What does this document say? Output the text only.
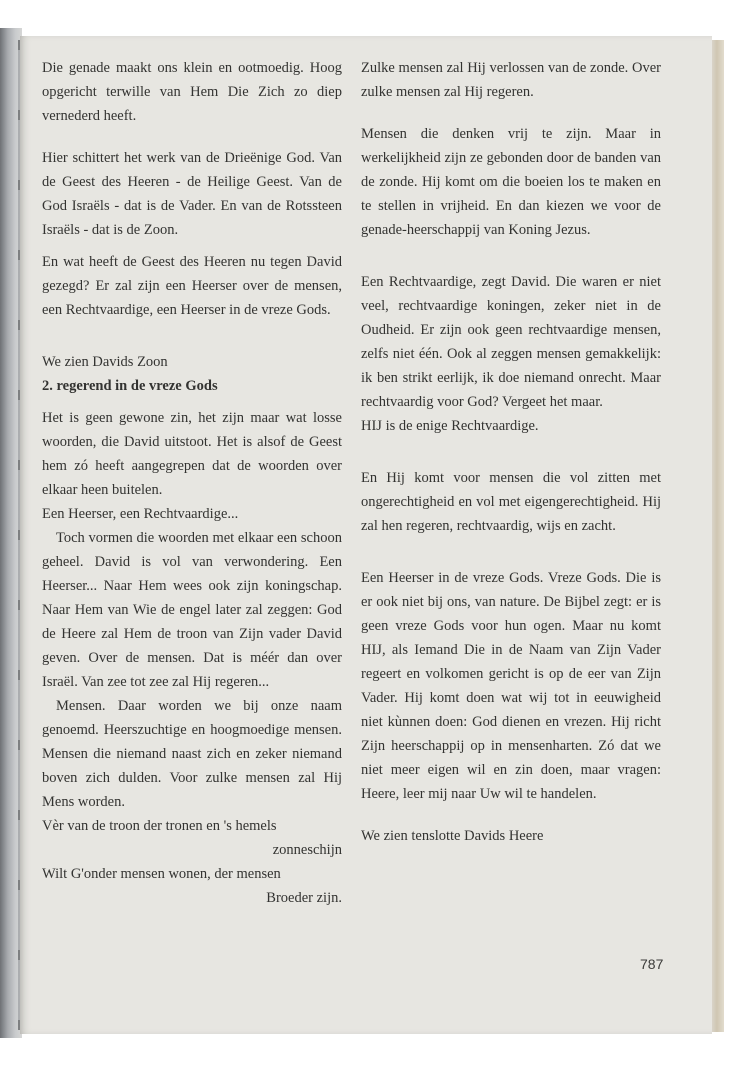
Die genade maakt ons klein en ootmoedig. Hoog opgericht terwille van Hem Die Zich zo diep vernederd heeft.

Hier schittert het werk van de Drieënige God. Van de Geest des Heeren - de Heilige Geest. Van de God Israëls - dat is de Vader. En van de Rotssteen Israëls - dat is de Zoon.

En wat heeft de Geest des Heeren nu tegen David gezegd? Er zal zijn een Heerser over de mensen, een Rechtvaardige, een Heerser in de vreze Gods.

We zien Davids Zoon

2. regerend in de vreze Gods

Het is geen gewone zin, het zijn maar wat losse woorden, die David uitstoot. Het is alsof de Geest hem zó heeft aangegrepen dat de woorden over elkaar heen buitelen.

Een Heerser, een Rechtvaardige...

Toch vormen die woorden met elkaar een schoon geheel. David is vol van verwondering. Een Heerser... Naar Hem wees ook zijn koningschap. Naar Hem van Wie de engel later zal zeggen: God de Heere zal Hem de troon van Zijn vader David geven. Over de mensen. Dat is méér dan over Israël. Van zee tot zee zal Hij regeren...

Mensen. Daar worden we bij onze naam genoemd. Heerszuchtige en hoogmoedige mensen. Mensen die niemand naast zich en zeker niemand boven zich dulden. Voor zulke mensen zal Hij Mens worden.

Vèr van de troon der tronen en 's hemels

zonneschijn

Wilt G'onder mensen wonen, der mensen

Broeder zijn.

Zulke mensen zal Hij verlossen van de zonde. Over zulke mensen zal Hij regeren.

Mensen die denken vrij te zijn. Maar in werkelijkheid zijn ze gebonden door de banden van de zonde. Hij komt om die boeien los te maken en te stellen in vrijheid. En dan kiezen we voor de genade-heerschappij van Koning Jezus.

Een Rechtvaardige, zegt David. Die waren er niet veel, rechtvaardige koningen, zeker niet in de Oudheid. Er zijn ook geen rechtvaardige mensen, zelfs niet één. Ook al zeggen mensen gemakkelijk: ik ben strikt eerlijk, ik doe niemand onrecht. Maar rechtvaardig voor God? Vergeet het maar.

HIJ is de enige Rechtvaardige.

En Hij komt voor mensen die vol zitten met ongerechtigheid en vol met eigengerechtigheid. Hij zal hen regeren, rechtvaardig, wijs en zacht.

Een Heerser in de vreze Gods. Vreze Gods. Die is er ook niet bij ons, van nature. De Bijbel zegt: er is geen vreze Gods voor hun ogen. Maar nu komt HIJ, als Iemand Die in de Naam van Zijn Vader regeert en volkomen gericht is op de eer van Zijn Vader. Hij komt doen wat wij tot in eeuwigheid niet kùnnen doen: God dienen en vrezen. Hij richt Zijn heerschappij op in mensenharten. Zó dat we niet meer eigen wil en zin doen, maar vragen: Heere, leer mij naar Uw wil te handelen.

We zien tenslotte Davids Heere

787
